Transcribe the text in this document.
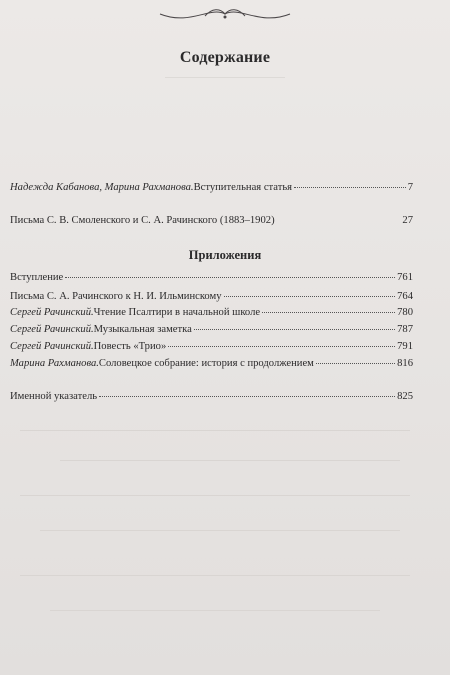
Содержание
Надежда Кабанова, Марина Рахманова. Вступительная статья	7
Письма С. В. Смоленского и С. А. Рачинского (1883–1902)	27
Приложения
Вступление	761
Письма С. А. Рачинского к Н. И. Ильминскому	764
Сергей Рачинский. Чтение Псалтири в начальной школе	780
Сергей Рачинский. Музыкальная заметка	787
Сергей Рачинский. Повесть «Трио»	791
Марина Рахманова. Соловецкое собрание: история с продолжением	816
Именной указатель	825
